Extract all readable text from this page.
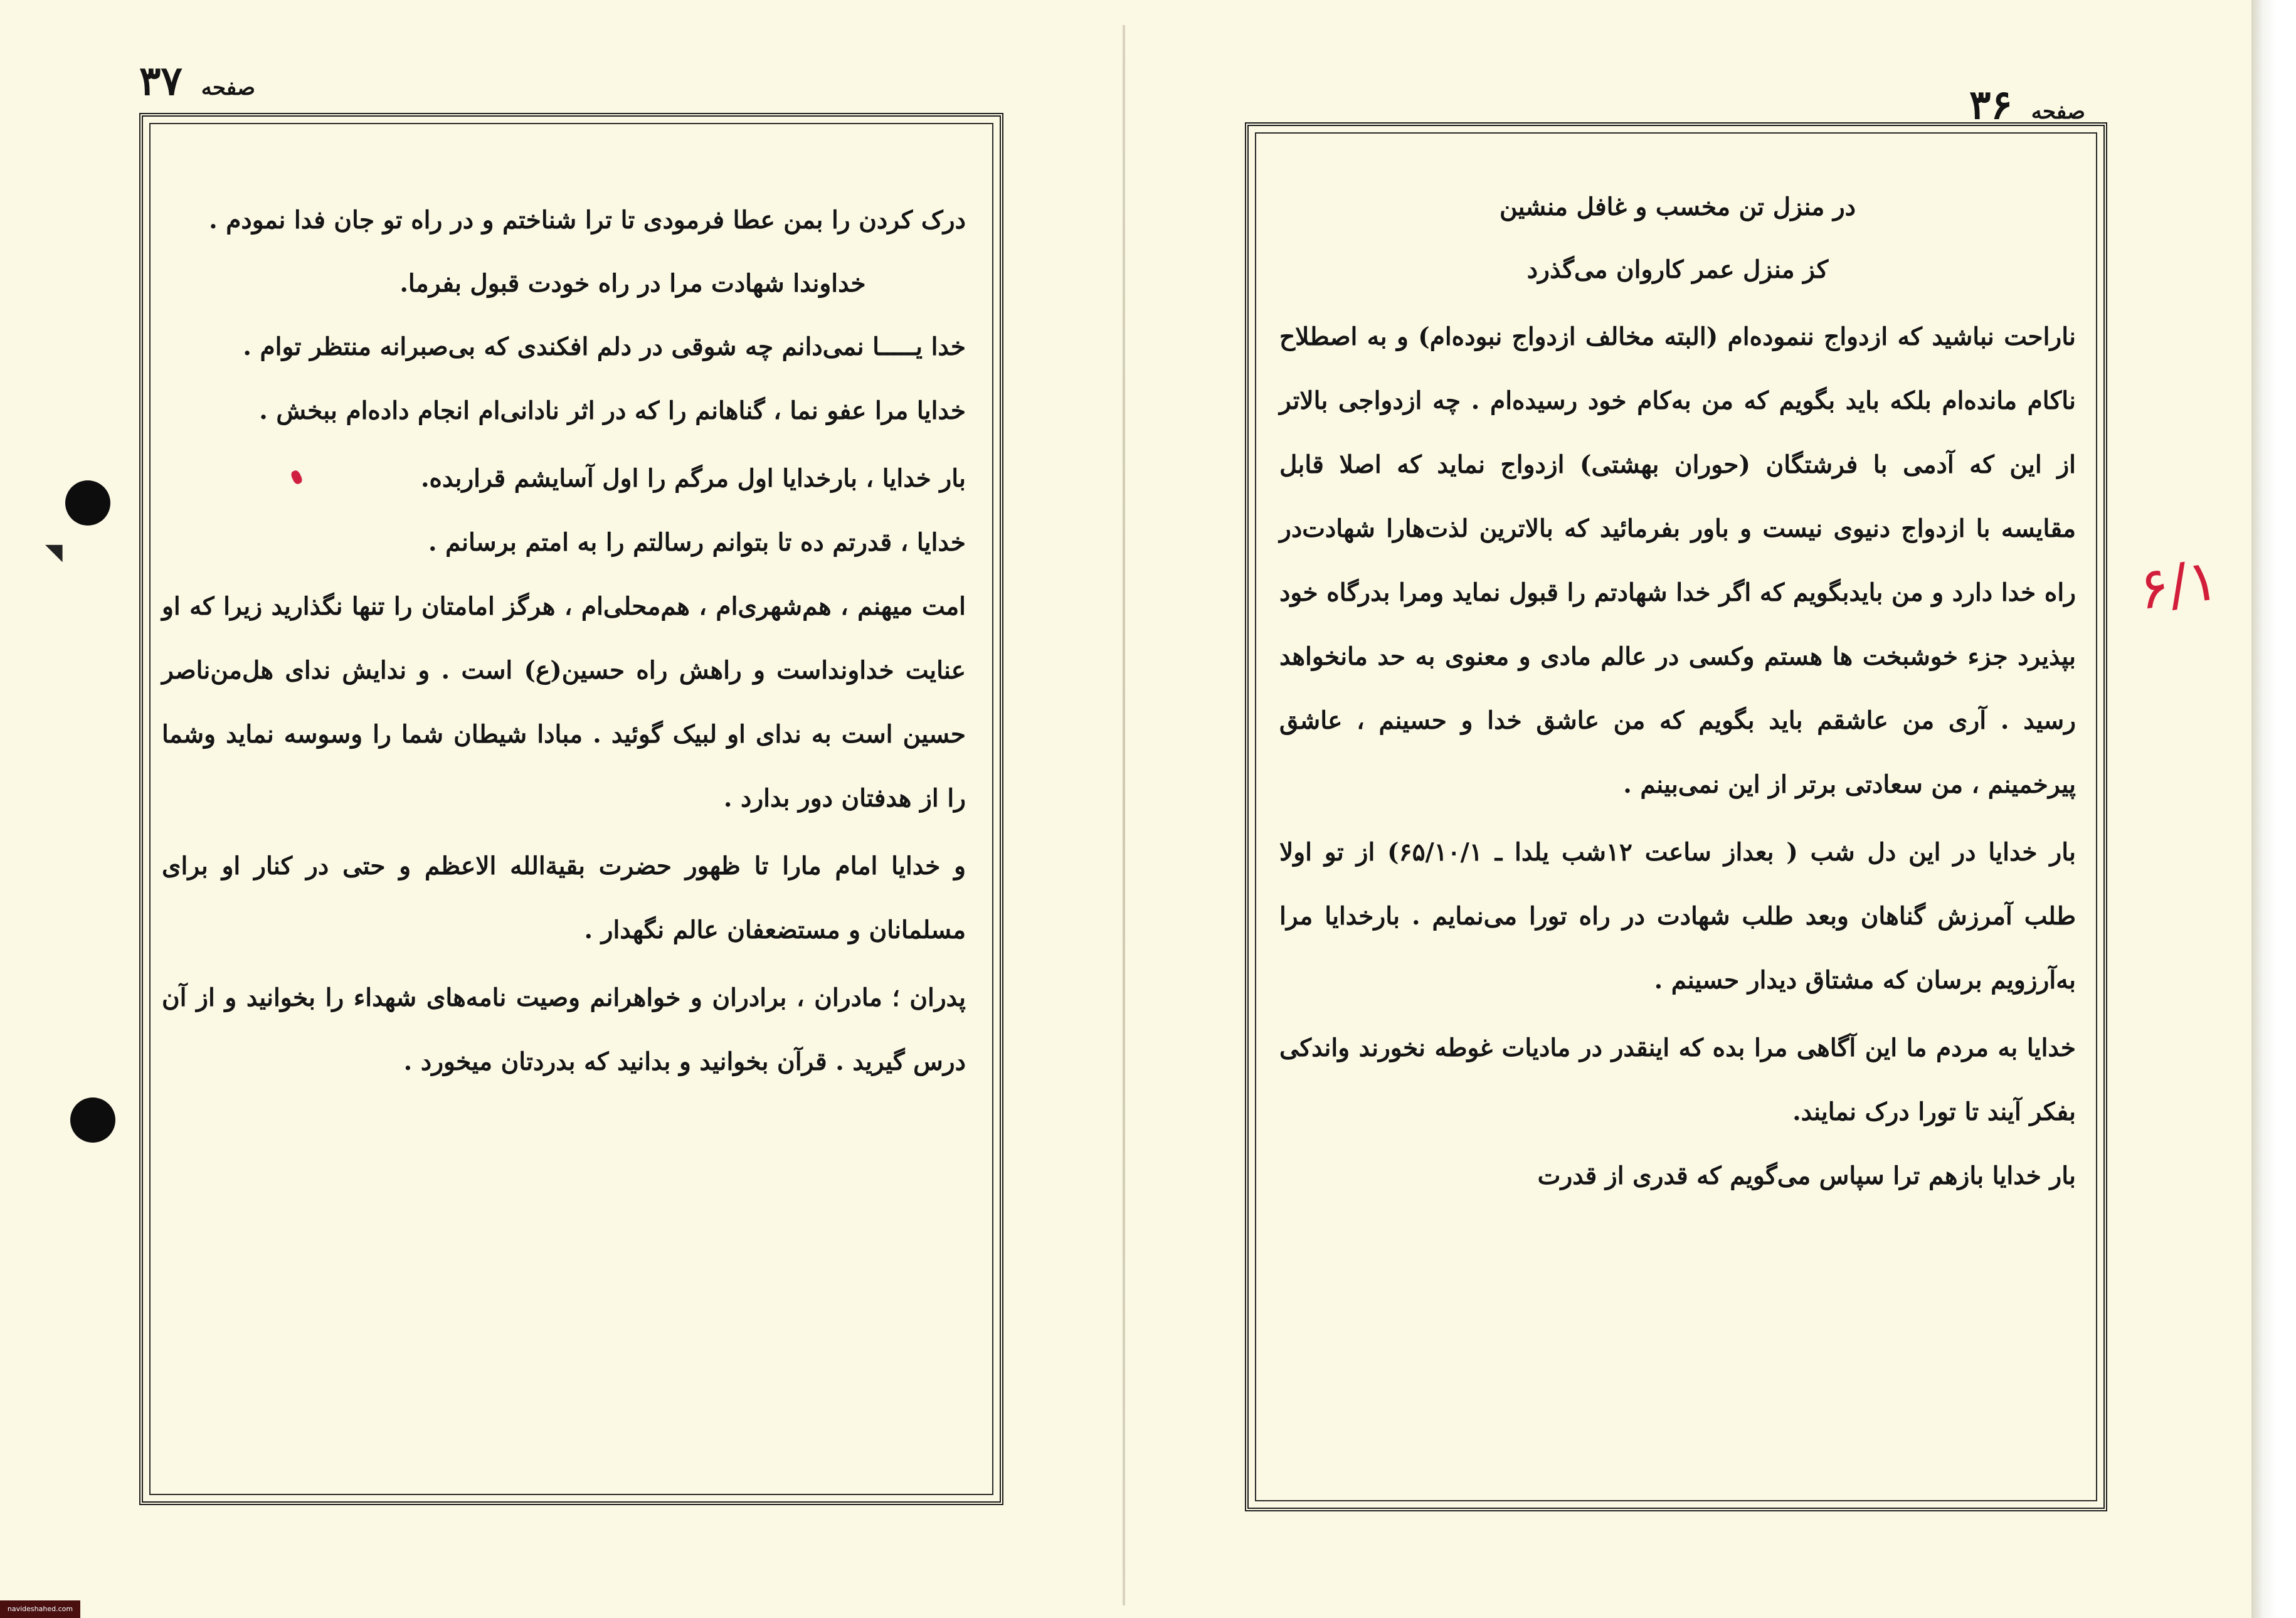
صفحه۳۷

درک کردن را بمن عطا فرمودی تا ترا شناختم و در راه تو جان فدا نمودم .

خداوندا شهادت مرا در راه خودت قبول بفرما.

خدا یـــــا نمی‌دانم چه شوقی در دلم افکندی که بی‌صبرانه منتظر توام .

خدایا مرا عفو نما ، گناهانم را که در اثر نادانی‌ام انجام داده‌ام ببخش .

بار خدایا ، بارخدایا اول مرگم را اول آسایشم قراربده.

خدایا ، قدرتم ده تا بتوانم رسالتم را به امتم برسانم .

امت میهنم ، هم‌شهری‌ام ، هم‌محلی‌ام ، هرگز امامتان را تنها نگذارید زیرا که او عنایت خداونداست و راهش راه حسین(ع) است . و ندایش ندای هل‌من‌ناصر حسین است به ندای او لبیک گوئید . مبادا شیطان شما را وسوسه نماید وشما را از هدفتان دور بدارد .

و خدایا امام مارا تا ظهور حضرت بقیة‌الله الاعظم و حتی در کنار او برای مسلمانان و مستضعفان عالم نگهدار .

پدران ؛ مادران ، برادران و خواهرانم وصیت نامه‌های شهداء را بخوانید و از آن درس گیرید . قرآن بخوانید و بدانید که بدردتان میخورد .

صفحه۳۶

در منزل تن مخسب و غافل منشین

کز منزل عمر کاروان می‌گذرد

ناراحت نباشید که ازدواج ننموده‌ام (البته مخالف ازدواج نبوده‌ام) و به اصطلاح ناکام مانده‌ام بلکه باید بگویم که من به‌کام خود رسیده‌ام . چه ازدواجی بالاتر از این که آدمی با فرشتگان (حوران بهشتی) ازدواج نماید که اصلا قابل مقایسه با ازدواج دنیوی نیست و باور بفرمائید که بالاترین لذت‌هارا شهادت‌در راه خدا دارد و من بایدبگویم که اگر خدا شهادتم را قبول نماید ومرا بدرگاه خود بپذیرد جزء خوشبخت ها هستم وکسی در عالم مادی و معنوی به حد مانخواهد رسید . آری من عاشقم باید بگویم که من عاشق خدا و حسینم ، عاشق پیرخمینم ، من سعادتی برتر از این نمی‌بینم .

بار خدایا در این دل شب ( بعداز ساعت ۱۲شب یلدا ـ ۶۵/۱۰/۱) از تو اولا طلب آمرزش گناهان وبعد طلب شهادت در راه تورا می‌نمایم . بارخدایا مرا به‌آرزویم برسان که مشتاق دیدار حسینم .

خدایا به مردم ما این آگاهی مرا بده که اینقدر در مادیات غوطه نخورند واندکی بفکر آیند تا تورا درک نمایند.

بار خدایا بازهم ترا سپاس می‌گویم که قدری از قدرت

◥	۶/۱
navideshahed.com
